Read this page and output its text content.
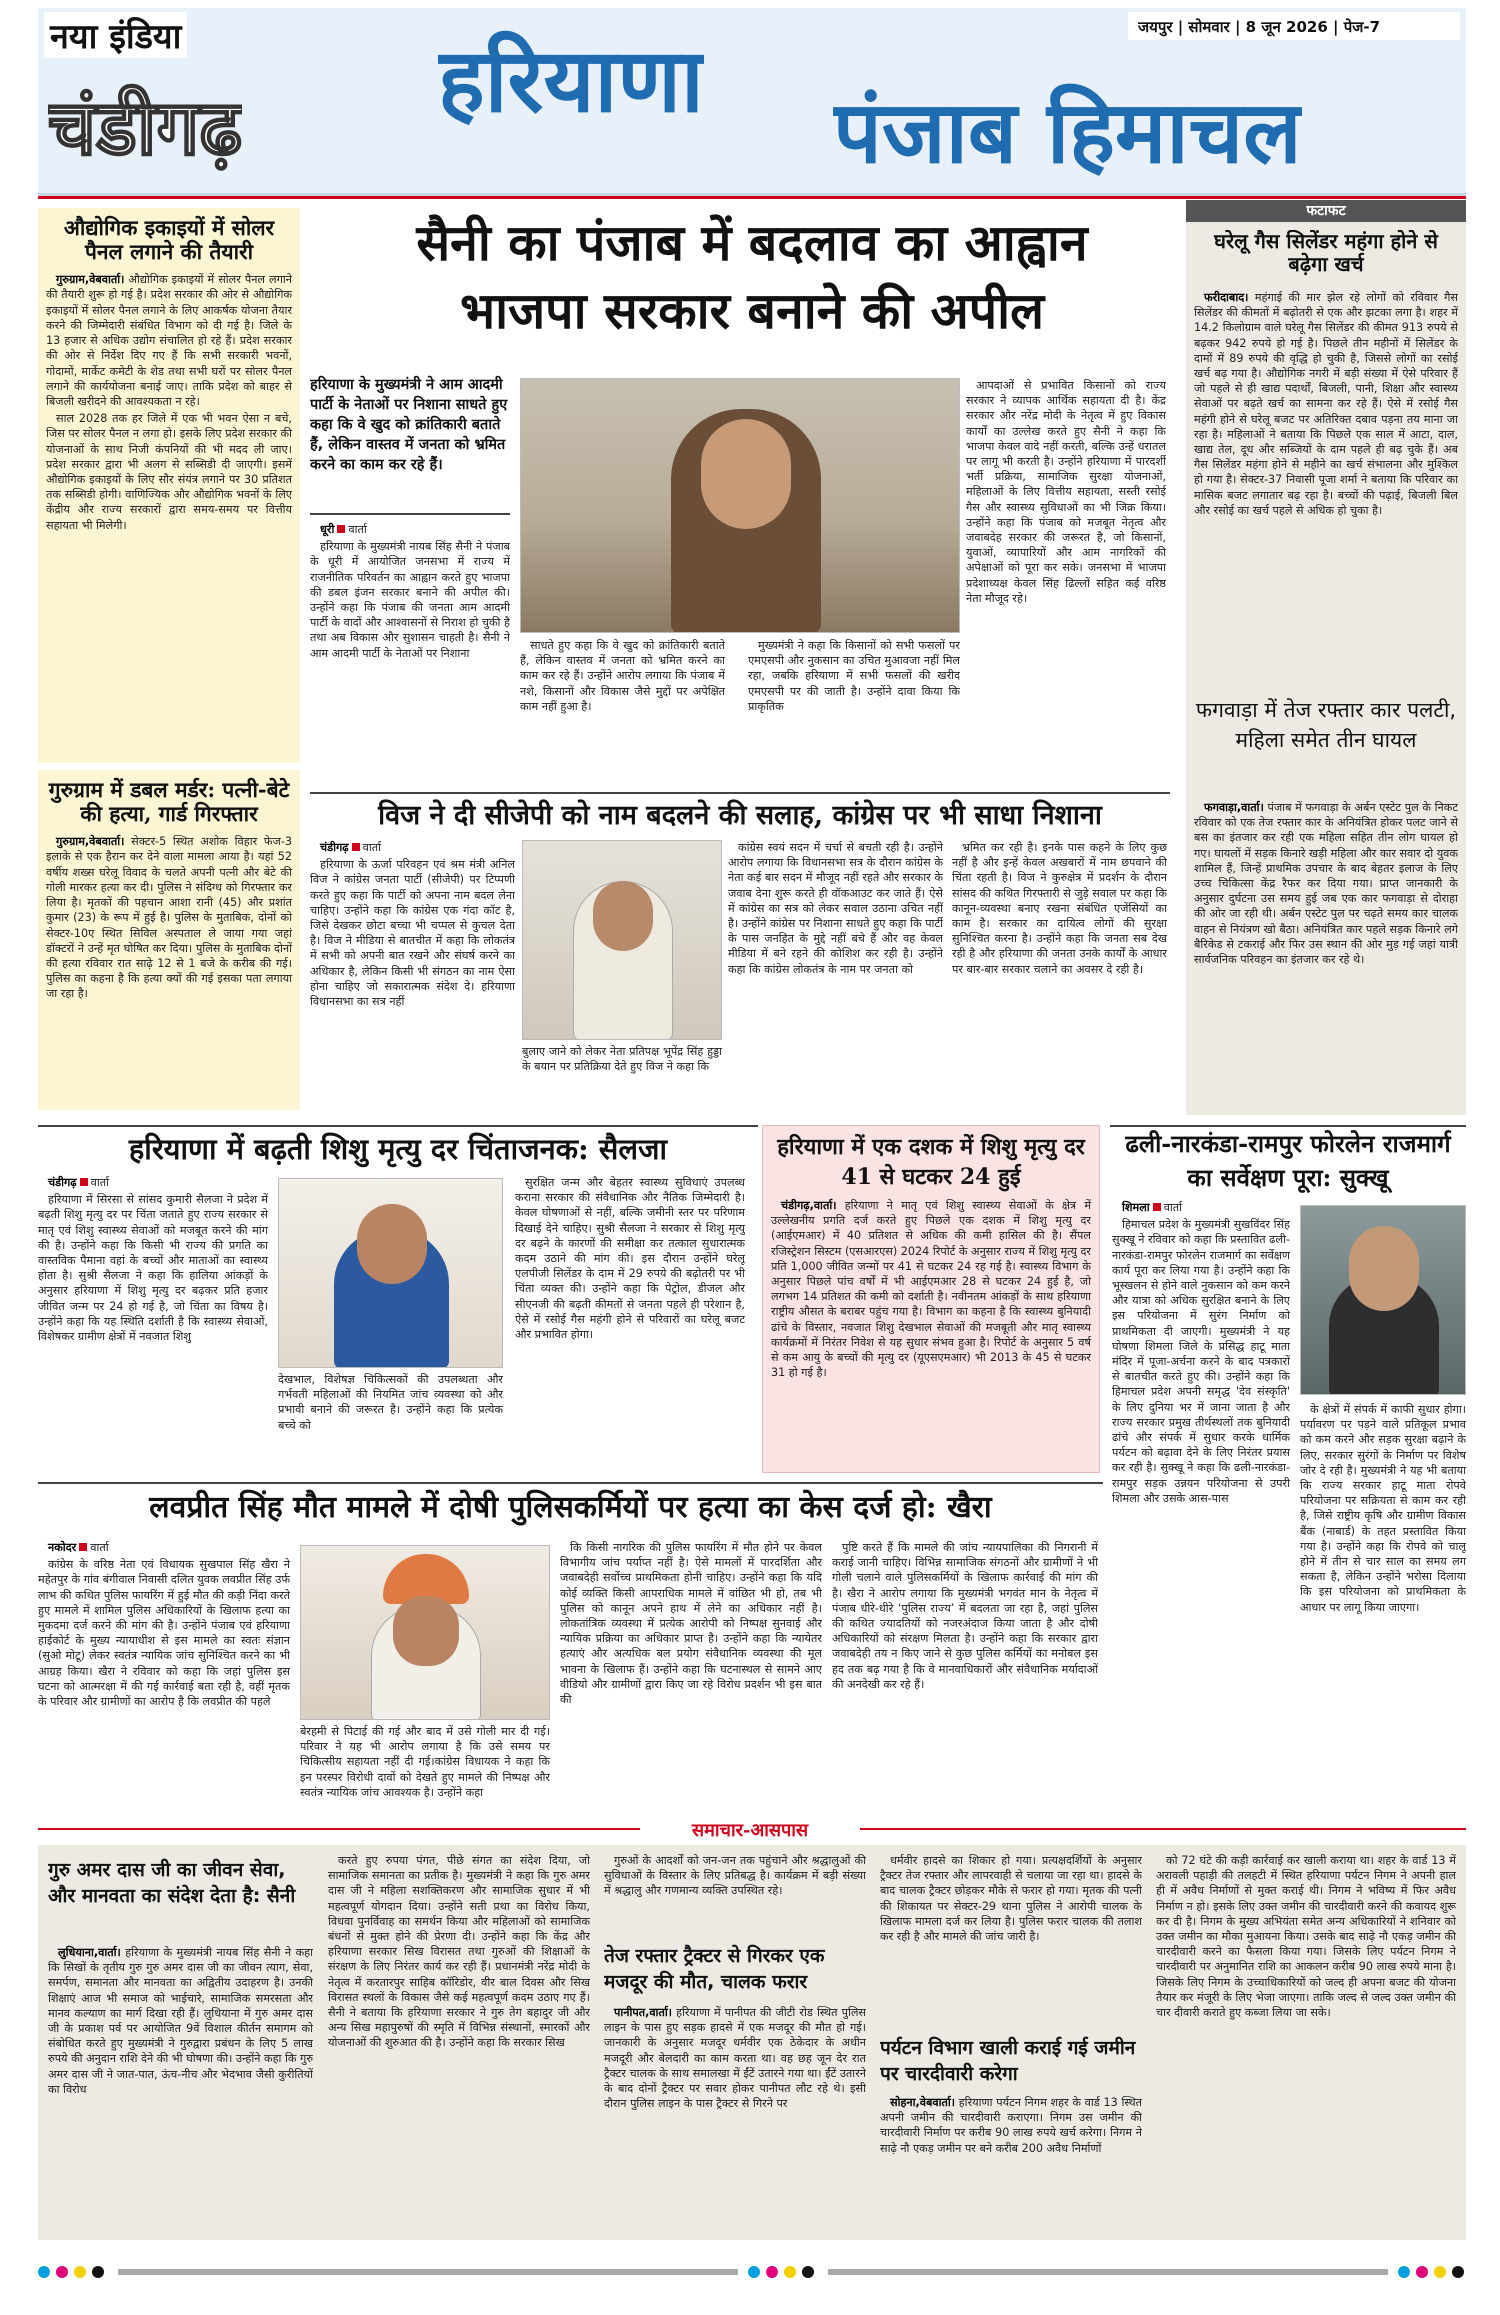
नया इंडिया
चंडीगढ़
जयपुर | सोमवार | 8 जून 2026 | पेज-7
हरियाणा
पंजाब हिमाचल
औद्योगिक इकाइयों में सोलर पैनल लगाने की तैयारी

गुरुग्राम,वेबवार्ता। औद्योगिक इकाइयों में सोलर पैनल लगाने की तैयारी शुरू हो गई है। प्रदेश सरकार की ओर से औद्योगिक इकाइयों में सोलर पैनल लगाने के लिए आकर्षक योजना तैयार करने की जिम्मेदारी संबंधित विभाग को दी गई है। जिले के 13 हजार से अधिक उद्योग संचालित हो रहे हैं। प्रदेश सरकार की ओर से निर्देश दिए गए हैं कि सभी सरकारी भवनों, गोदामों, मार्केट कमेटी के शेड तथा सभी घरों पर सोलर पैनल लगाने की कार्ययोजना बनाई जाए। ताकि प्रदेश को बाहर से बिजली खरीदने की आवश्यकता न रहे।

साल 2028 तक हर जिले में एक भी भवन ऐसा न बचे, जिस पर सोलर पैनल न लगा हो। इसके लिए प्रदेश सरकार की योजनाओं के साथ निजी कंपनियों की भी मदद ली जाए। प्रदेश सरकार द्वारा भी अलग से सब्सिडी दी जाएगी। इसमें औद्योगिक इकाइयों के लिए सौर संयंत्र लगाने पर 30 प्रतिशत तक सब्सिडी होगी। वाणिज्यिक और औद्योगिक भवनों के लिए केंद्रीय और राज्य सरकारों द्वारा समय-समय पर वित्तीय सहायता भी मिलेगी।

गुरुग्राम में डबल मर्डर: पत्नी-बेटे की हत्या, गार्ड गिरफ्तार

गुरुग्राम,वेबवार्ता। सेक्टर-5 स्थित अशोक विहार फेज-3 इलाके से एक हैरान कर देने वाला मामला आया है। यहां 52 वर्षीय शख्स घरेलू विवाद के चलते अपनी पत्नी और बेटे की गोली मारकर हत्या कर दी। पुलिस ने संदिग्ध को गिरफ्तार कर लिया है। मृतकों की पहचान आशा रानी (45) और प्रशांत कुमार (23) के रूप में हुई है। पुलिस के मुताबिक, दोनों को सेक्टर-10ए स्थित सिविल अस्पताल ले जाया गया जहां डॉक्टरों ने उन्हें मृत घोषित कर दिया। पुलिस के मुताबिक दोनों की हत्या रविवार रात साढ़े 12 से 1 बजे के करीब की गई। पुलिस का कहना है कि हत्या क्यों की गई इसका पता लगाया जा रहा है।

सैनी का पंजाब में बदलाव का आह्वान
भाजपा सरकार बनाने की अपील
हरियाणा के मुख्यमंत्री ने आम आदमी पार्टी के नेताओं पर निशाना साधते हुए कहा कि वे खुद को क्रांतिकारी बताते हैं, लेकिन वास्तव में जनता को भ्रमित करने का काम कर रहे हैं।

धूरी वार्ता

हरियाणा के मुख्यमंत्री नायब सिंह सैनी ने पंजाब के धूरी में आयोजित जनसभा में राज्य में राजनीतिक परिवर्तन का आह्वान करते हुए भाजपा की डबल इंजन सरकार बनाने की अपील की। उन्होंने कहा कि पंजाब की जनता आम आदमी पार्टी के वादों और आश्वासनों से निराश हो चुकी है तथा अब विकास और सुशासन चाहती है। सैनी ने आम आदमी पार्टी के नेताओं पर निशाना

साधते हुए कहा कि वे खुद को क्रांतिकारी बताते हैं, लेकिन वास्तव में जनता को भ्रमित करने का काम कर रहे हैं। उन्होंने आरोप लगाया कि पंजाब में नशे, किसानों और विकास जैसे मुद्दों पर अपेक्षित काम नहीं हुआ है।

मुख्यमंत्री ने कहा कि किसानों को सभी फसलों पर एमएसपी और नुकसान का उचित मुआवजा नहीं मिल रहा, जबकि हरियाणा में सभी फसलों की खरीद एमएसपी पर की जाती है। उन्होंने दावा किया कि प्राकृतिक

आपदाओं से प्रभावित किसानों को राज्य सरकार ने व्यापक आर्थिक सहायता दी है। केंद्र सरकार और नरेंद्र मोदी के नेतृत्व में हुए विकास कार्यों का उल्लेख करते हुए सैनी ने कहा कि भाजपा केवल वादे नहीं करती, बल्कि उन्हें धरातल पर लागू भी करती है। उन्होंने हरियाणा में पारदर्शी भर्ती प्रक्रिया, सामाजिक सुरक्षा योजनाओं, महिलाओं के लिए वित्तीय सहायता, सस्ती रसोई गैस और स्वास्थ्य सुविधाओं का भी जिक्र किया। उन्होंने कहा कि पंजाब को मजबूत नेतृत्व और जवाबदेह सरकार की जरूरत है, जो किसानों, युवाओं, व्यापारियों और आम नागरिकों की अपेक्षाओं को पूरा कर सके। जनसभा में भाजपा प्रदेशाध्यक्ष केवल सिंह ढिल्लों सहित कई वरिष्ठ नेता मौजूद रहे।

विज ने दी सीजेपी को नाम बदलने की सलाह, कांग्रेस पर भी साधा निशाना

चंडीगढ़ वार्ता

हरियाणा के ऊर्जा परिवहन एवं श्रम मंत्री अनिल विज ने कांग्रेस जनता पार्टी (सीजेपी) पर टिप्पणी करते हुए कहा कि पार्टी को अपना नाम बदल लेना चाहिए। उन्होंने कहा कि कांग्रेस एक गंदा कॉट है, जिसे देखकर छोटा बच्चा भी चप्पल से कुचल देता है। विज ने मीडिया से बातचीत में कहा कि लोकतंत्र में सभी को अपनी बात रखने और संघर्ष करने का अधिकार है, लेकिन किसी भी संगठन का नाम ऐसा होना चाहिए जो सकारात्मक संदेश दे। हरियाणा विधानसभा का सत्र नहीं

बुलाए जाने को लेकर नेता प्रतिपक्ष भूपेंद्र सिंह हुड्डा के बयान पर प्रतिक्रिया देते हुए विज ने कहा कि

कांग्रेस स्वयं सदन में चर्चा से बचती रही है। उन्होंने आरोप लगाया कि विधानसभा सत्र के दौरान कांग्रेस के नेता कई बार सदन में मौजूद नहीं रहते और सरकार के जवाब देना शुरू करते ही वॉकआउट कर जाते हैं। ऐसे में कांग्रेस का सत्र को लेकर सवाल उठाना उचित नहीं है। उन्होंने कांग्रेस पर निशाना साधते हुए कहा कि पार्टी के पास जनहित के मुद्दे नहीं बचे हैं और वह केवल मीडिया में बने रहने की कोशिश कर रही है। उन्होंने कहा कि कांग्रेस लोकतंत्र के नाम पर जनता को

भ्रमित कर रही है। इनके पास कहने के लिए कुछ नहीं है और इन्हें केवल अखबारों में नाम छपवाने की चिंता रहती है। विज ने कुरुक्षेत्र में प्रदर्शन के दौरान सांसद की कथित गिरफ्तारी से जुड़े सवाल पर कहा कि कानून-व्यवस्था बनाए रखना संबंधित एजेंसियों का काम है। सरकार का दायित्व लोगों की सुरक्षा सुनिश्चित करना है। उन्होंने कहा कि जनता सब देख रही है और हरियाणा की जनता उनके कार्यों के आधार पर बार-बार सरकार चलाने का अवसर दे रही है।

फटाफट
घरेलू गैस सिलेंडर महंगा होने से बढ़ेगा खर्च

फरीदाबाद। महंगाई की मार झेल रहे लोगों को रविवार गैस सिलेंडर की कीमतों में बढ़ोतरी से एक और झटका लगा है। शहर में 14.2 किलोग्राम वाले घरेलू गैस सिलेंडर की कीमत 913 रुपये से बढ़कर 942 रुपये हो गई है। पिछले तीन महीनों में सिलेंडर के दामों में 89 रुपये की वृद्धि हो चुकी है, जिससे लोगों का रसोई खर्च बढ़ गया है। औद्योगिक नगरी में बड़ी संख्या में ऐसे परिवार हैं जो पहले से ही खाद्य पदार्थों, बिजली, पानी, शिक्षा और स्वास्थ्य सेवाओं पर बढ़ते खर्च का सामना कर रहे हैं। ऐसे में रसोई गैस महंगी होने से घरेलू बजट पर अतिरिक्त दबाव पड़ना तय माना जा रहा है। महिलाओं ने बताया कि पिछले एक साल में आटा, दाल, खाद्य तेल, दूध और सब्जियों के दाम पहले ही बढ़ चुके हैं। अब गैस सिलेंडर महंगा होने से महीने का खर्च संभालना और मुश्किल हो गया है। सेक्टर-37 निवासी पूजा शर्मा ने बताया कि परिवार का मासिक बजट लगातार बढ़ रहा है। बच्चों की पढ़ाई, बिजली बिल और रसोई का खर्च पहले से अधिक हो चुका है।

फगवाड़ा में तेज रफ्तार कार पलटी, महिला समेत तीन घायल

फगवाड़ा,वार्ता। पंजाब में फगवाड़ा के अर्बन एस्टेट पुल के निकट रविवार को एक तेज रफ्तार कार के अनियंत्रित होकर पलट जाने से बस का इंतजार कर रही एक महिला सहित तीन लोग घायल हो गए। घायलों में सड़क किनारे खड़ी महिला और कार सवार दो युवक शामिल हैं, जिन्हें प्राथमिक उपचार के बाद बेहतर इलाज के लिए उच्च चिकित्सा केंद्र रैफर कर दिया गया। प्राप्त जानकारी के अनुसार दुर्घटना उस समय हुई जब एक कार फगवाड़ा से दोराहा की ओर जा रही थी। अर्बन एस्टेट पुल पर चढ़ते समय कार चालक वाहन से नियंत्रण खो बैठा। अनियंत्रित कार पहले सड़क किनारे लगे बैरिकेड से टकराई और फिर उस स्थान की ओर मुड़ गई जहां यात्री सार्वजनिक परिवहन का इंतजार कर रहे थे।

हरियाणा में बढ़ती शिशु मृत्यु दर चिंताजनक: सैलजा

चंडीगढ़ वार्ता

हरियाणा में सिरसा से सांसद कुमारी सैलजा ने प्रदेश में बढ़ती शिशु मृत्यु दर पर चिंता जताते हुए राज्य सरकार से मातृ एवं शिशु स्वास्थ्य सेवाओं को मजबूत करने की मांग की है। उन्होंने कहा कि किसी भी राज्य की प्रगति का वास्तविक पैमाना वहां के बच्चों और माताओं का स्वास्थ्य होता है। सुश्री सैलजा ने कहा कि हालिया आंकड़ों के अनुसार हरियाणा में शिशु मृत्यु दर बढ़कर प्रति हजार जीवित जन्म पर 24 हो गई है, जो चिंता का विषय है। उन्होंने कहा कि यह स्थिति दर्शाती है कि स्वास्थ्य सेवाओं, विशेषकर ग्रामीण क्षेत्रों में नवजात शिशु

देखभाल, विशेषज्ञ चिकित्सकों की उपलब्धता और गर्भवती महिलाओं की नियमित जांच व्यवस्था को और प्रभावी बनाने की जरूरत है। उन्होंने कहा कि प्रत्येक बच्चे को

सुरक्षित जन्म और बेहतर स्वास्थ्य सुविधाएं उपलब्ध कराना सरकार की संवैधानिक और नैतिक जिम्मेदारी है। केवल घोषणाओं से नहीं, बल्कि जमीनी स्तर पर परिणाम दिखाई देने चाहिए। सुश्री सैलजा ने सरकार से शिशु मृत्यु दर बढ़ने के कारणों की समीक्षा कर तत्काल सुधारात्मक कदम उठाने की मांग की। इस दौरान उन्होंने घरेलू एलपीजी सिलेंडर के दाम में 29 रुपये की बढ़ोतरी पर भी चिंता व्यक्त की। उन्होंने कहा कि पेट्रोल, डीजल और सीएनजी की बढ़ती कीमतों से जनता पहले ही परेशान है, ऐसे में रसोई गैस महंगी होने से परिवारों का घरेलू बजट और प्रभावित होगा।

हरियाणा में एक दशक में शिशु मृत्यु दर 41 से घटकर 24 हुई

चंडीगढ़,वार्ता। हरियाणा ने मातृ एवं शिशु स्वास्थ्य सेवाओं के क्षेत्र में उल्लेखनीय प्रगति दर्ज करते हुए पिछले एक दशक में शिशु मृत्यु दर (आईएमआर) में 40 प्रतिशत से अधिक की कमी हासिल की है। सैंपल रजिस्ट्रेशन सिस्टम (एसआरएस) 2024 रिपोर्ट के अनुसार राज्य में शिशु मृत्यु दर प्रति 1,000 जीवित जन्मों पर 41 से घटकर 24 रह गई है। स्वास्थ्य विभाग के अनुसार पिछले पांच वर्षों में भी आईएमआर 28 से घटकर 24 हुई है, जो लगभग 14 प्रतिशत की कमी को दर्शाती है। नवीनतम आंकड़ों के साथ हरियाणा राष्ट्रीय औसत के बराबर पहुंच गया है। विभाग का कहना है कि स्वास्थ्य बुनियादी ढांचे के विस्तार, नवजात शिशु देखभाल सेवाओं की मजबूती और मातृ स्वास्थ्य कार्यक्रमों में निरंतर निवेश से यह सुधार संभव हुआ है। रिपोर्ट के अनुसार 5 वर्ष से कम आयु के बच्चों की मृत्यु दर (यूएसएमआर) भी 2013 के 45 से घटकर 31 हो गई है।

ढली-नारकंडा-रामपुर फोरलेन राजमार्ग का सर्वेक्षण पूरा: सुक्खू

शिमला वार्ता

हिमाचल प्रदेश के मुख्यमंत्री सुखविंदर सिंह सुक्खू ने रविवार को कहा कि प्रस्तावित ढली-नारकंडा-रामपुर फोरलेन राजमार्ग का सर्वेक्षण कार्य पूरा कर लिया गया है। उन्होंने कहा कि भूस्खलन से होने वाले नुकसान को कम करने और यात्रा को अधिक सुरक्षित बनाने के लिए इस परियोजना में सुरंग निर्माण को प्राथमिकता दी जाएगी। मुख्यमंत्री ने यह घोषणा शिमला जिले के प्रसिद्ध हाटू माता मंदिर में पूजा-अर्चना करने के बाद पत्रकारों से बातचीत करते हुए की। उन्होंने कहा कि हिमाचल प्रदेश अपनी समृद्ध 'देव संस्कृति' के लिए दुनिया भर में जाना जाता है और राज्य सरकार प्रमुख तीर्थस्थलों तक बुनियादी ढांचे और संपर्क में सुधार करके धार्मिक पर्यटन को बढ़ावा देने के लिए निरंतर प्रयास कर रही है। सुक्खू ने कहा कि ढली-नारकंडा-रामपुर सड़क उन्नयन परियोजना से उपरी शिमला और उसके आस-पास

के क्षेत्रों में संपर्क में काफी सुधार होगा। पर्यावरण पर पड़ने वाले प्रतिकूल प्रभाव को कम करने और सड़क सुरक्षा बढ़ाने के लिए, सरकार सुरंगों के निर्माण पर विशेष जोर दे रही है। मुख्यमंत्री ने यह भी बताया कि राज्य सरकार हाटू माता रोपवे परियोजना पर सक्रियता से काम कर रही है, जिसे राष्ट्रीय कृषि और ग्रामीण विकास बैंक (नाबार्ड) के तहत प्रस्तावित किया गया है। उन्होंने कहा कि रोपवे को चालू होने में तीन से चार साल का समय लग सकता है, लेकिन उन्होंने भरोसा दिलाया कि इस परियोजना को प्राथमिकता के आधार पर लागू किया जाएगा।

लवप्रीत सिंह मौत मामले में दोषी पुलिसकर्मियों पर हत्या का केस दर्ज हो: खैरा

नकोदर वार्ता

कांग्रेस के वरिष्ठ नेता एवं विधायक सुखपाल सिंह खैरा ने महेतपुर के गांव बंगीवाल निवासी दलित युवक लवप्रीत सिंह उर्फ लाभ की कथित पुलिस फायरिंग में हुई मौत की कड़ी निंदा करते हुए मामले में शामिल पुलिस अधिकारियों के खिलाफ हत्या का मुकदमा दर्ज करने की मांग की है। उन्होंने पंजाब एवं हरियाणा हाईकोर्ट के मुख्य न्यायाधीश से इस मामले का स्वतः संज्ञान (सुओ मोटू) लेकर स्वतंत्र न्यायिक जांच सुनिश्चित करने का भी आग्रह किया। खैरा ने रविवार को कहा कि जहां पुलिस इस घटना को आत्मरक्षा में की गई कार्रवाई बता रही है, वहीं मृतक के परिवार और ग्रामीणों का आरोप है कि लवप्रीत की पहले

बेरहमी से पिटाई की गई और बाद में उसे गोली मार दी गई। परिवार ने यह भी आरोप लगाया है कि उसे समय पर चिकित्सीय सहायता नहीं दी गई।कांग्रेस विधायक ने कहा कि इन परस्पर विरोधी दावों को देखते हुए मामले की निष्पक्ष और स्वतंत्र न्यायिक जांच आवश्यक है। उन्होंने कहा

कि किसी नागरिक की पुलिस फायरिंग में मौत होने पर केवल विभागीय जांच पर्याप्त नहीं है। ऐसे मामलों में पारदर्शिता और जवाबदेही सर्वोच्च प्राथमिकता होनी चाहिए। उन्होंने कहा कि यदि कोई व्यक्ति किसी आपराधिक मामले में वांछित भी हो, तब भी पुलिस को कानून अपने हाथ में लेने का अधिकार नहीं है। लोकतांत्रिक व्यवस्था में प्रत्येक आरोपी को निष्पक्ष सुनवाई और न्यायिक प्रक्रिया का अधिकार प्राप्त है। उन्होंने कहा कि न्यायेतर हत्याएं और अत्यधिक बल प्रयोग संवैधानिक व्यवस्था की मूल भावना के खिलाफ हैं। उन्होंने कहा कि घटनास्थल से सामने आए वीडियो और ग्रामीणों द्वारा किए जा रहे विरोध प्रदर्शन भी इस बात की

पुष्टि करते हैं कि मामले की जांच न्यायपालिका की निगरानी में कराई जानी चाहिए। विभिन्न सामाजिक संगठनों और ग्रामीणों ने भी गोली चलाने वाले पुलिसकर्मियों के खिलाफ कार्रवाई की मांग की है। खैरा ने आरोप लगाया कि मुख्यमंत्री भगवंत मान के नेतृत्व में पंजाब धीरे-धीरे ‘पुलिस राज्य’ में बदलता जा रहा है, जहां पुलिस की कथित ज्यादतियों को नजरअंदाज किया जाता है और दोषी अधिकारियों को संरक्षण मिलता है। उन्होंने कहा कि सरकार द्वारा जवाबदेही तय न किए जाने से कुछ पुलिस कर्मियों का मनोबल इस हद तक बढ़ गया है कि वे मानवाधिकारों और संवैधानिक मर्यादाओं की अनदेखी कर रहे हैं।

समाचार-आसपास
गुरु अमर दास जी का जीवन सेवा, और मानवता का संदेश देता है: सैनी

लुधियाना,वार्ता। हरियाणा के मुख्यमंत्री नायब सिंह सैनी ने कहा कि सिखों के तृतीय गुरु गुरु अमर दास जी का जीवन त्याग, सेवा, समर्पण, समानता और मानवता का अद्वितीय उदाहरण है। उनकी शिक्षाएं आज भी समाज को भाईचारे, सामाजिक समरसता और मानव कल्याण का मार्ग दिखा रही हैं। लुधियाना में गुरु अमर दास जी के प्रकाश पर्व पर आयोजित 9वें विशाल कीर्तन समागम को संबोधित करते हुए मुख्यमंत्री ने गुरुद्वारा प्रबंधन के लिए 5 लाख रुपये की अनुदान राशि देने की भी घोषणा की। उन्होंने कहा कि गुरु अमर दास जी ने जात-पात, ऊंच-नीच और भेदभाव जैसी कुरीतियों का विरोध

करते हुए रुपया पंगत, पीछे संगत का संदेश दिया, जो सामाजिक समानता का प्रतीक है। मुख्यमंत्री ने कहा कि गुरु अमर दास जी ने महिला सशक्तिकरण और सामाजिक सुधार में भी महत्वपूर्ण योगदान दिया। उन्होंने सती प्रथा का विरोध किया, विधवा पुनर्विवाह का समर्थन किया और महिलाओं को सामाजिक बंधनों से मुक्त होने की प्रेरणा दी। उन्होंने कहा कि केंद्र और हरियाणा सरकार सिख विरासत तथा गुरुओं की शिक्षाओं के संरक्षण के लिए निरंतर कार्य कर रही हैं। प्रधानमंत्री नरेंद्र मोदी के नेतृत्व में करतारपुर साहिब कॉरिडोर, वीर बाल दिवस और सिख विरासत स्थलों के विकास जैसे कई महत्वपूर्ण कदम उठाए गए हैं। सैनी ने बताया कि हरियाणा सरकार ने गुरु तेग बहादुर जी और अन्य सिख महापुरुषों की स्मृति में विभिन्न संस्थानों, स्मारकों और योजनाओं की शुरुआत की है। उन्होंने कहा कि सरकार सिख

गुरुओं के आदर्शों को जन-जन तक पहुंचाने और श्रद्धालुओं की सुविधाओं के विस्तार के लिए प्रतिबद्ध है। कार्यक्रम में बड़ी संख्या में श्रद्धालु और गणमान्य व्यक्ति उपस्थित रहे।

तेज रफ्तार ट्रैक्टर से गिरकर एक मजदूर की मौत, चालक फरार

पानीपत,वार्ता। हरियाणा में पानीपत की जीटी रोड स्थित पुलिस लाइन के पास हुए सड़क हादसे में एक मजदूर की मौत हो गई। जानकारी के अनुसार मजदूर धर्मवीर एक ठेकेदार के अधीन मजदूरी और बेलदारी का काम करता था। वह छह जून देर रात ट्रैक्टर चालक के साथ समालखा में ईंटें उतारने गया था। ईंटें उतारने के बाद दोनों ट्रैक्टर पर सवार होकर पानीपत लौट रहे थे। इसी दौरान पुलिस लाइन के पास ट्रैक्टर से गिरने पर

धर्मवीर हादसे का शिकार हो गया। प्रत्यक्षदर्शियों के अनुसार ट्रैक्टर तेज रफ्तार और लापरवाही से चलाया जा रहा था। हादसे के बाद चालक ट्रैक्टर छोड़कर मौके से फरार हो गया। मृतक की पत्नी की शिकायत पर सेक्टर-29 थाना पुलिस ने आरोपी चालक के खिलाफ मामला दर्ज कर लिया है। पुलिस फरार चालक की तलाश कर रही है और मामले की जांच जारी है।

पर्यटन विभाग खाली कराई गई जमीन पर चारदीवारी करेगा

सोहना,वेबवार्ता। हरियाणा पर्यटन निगम शहर के वार्ड 13 स्थित अपनी जमीन की चारदीवारी कराएगा। निगम उस जमीन की चारदीवारी निर्माण पर करीब 90 लाख रुपये खर्च करेगा। निगम ने साढ़े नौ एकड़ जमीन पर बने करीब 200 अवैध निर्माणों

को 72 घंटे की कड़ी कार्रवाई कर खाली कराया था। शहर के वार्ड 13 में अरावली पहाड़ी की तलहटी में स्थित हरियाणा पर्यटन निगम ने अपनी हाल ही में अवैध निर्माणों से मुक्त कराई थी। निगम ने भविष्य में फिर अवैध निर्माण न हो। इसके लिए उक्त जमीन की चारदीवारी करने की कवायद शुरू कर दी है। निगम के मुख्य अभियंता समेत अन्य अधिकारियों ने शनिवार को उक्त जमीन का मौका मुआयना किया। उसके बाद साढ़े नौ एकड़ जमीन की चारदीवारी करने का फैसला किया गया। जिसके लिए पर्यटन निगम ने चारदीवारी पर अनुमानित राशि का आकलन करीब 90 लाख रुपये माना है। जिसके लिए निगम के उच्चाधिकारियों को जल्द ही अपना बजट की योजना तैयार कर मंजूरी के लिए भेजा जाएगा। ताकि जल्द से जल्द उक्त जमीन की चार दीवारी कराते हुए कब्जा लिया जा सके।
